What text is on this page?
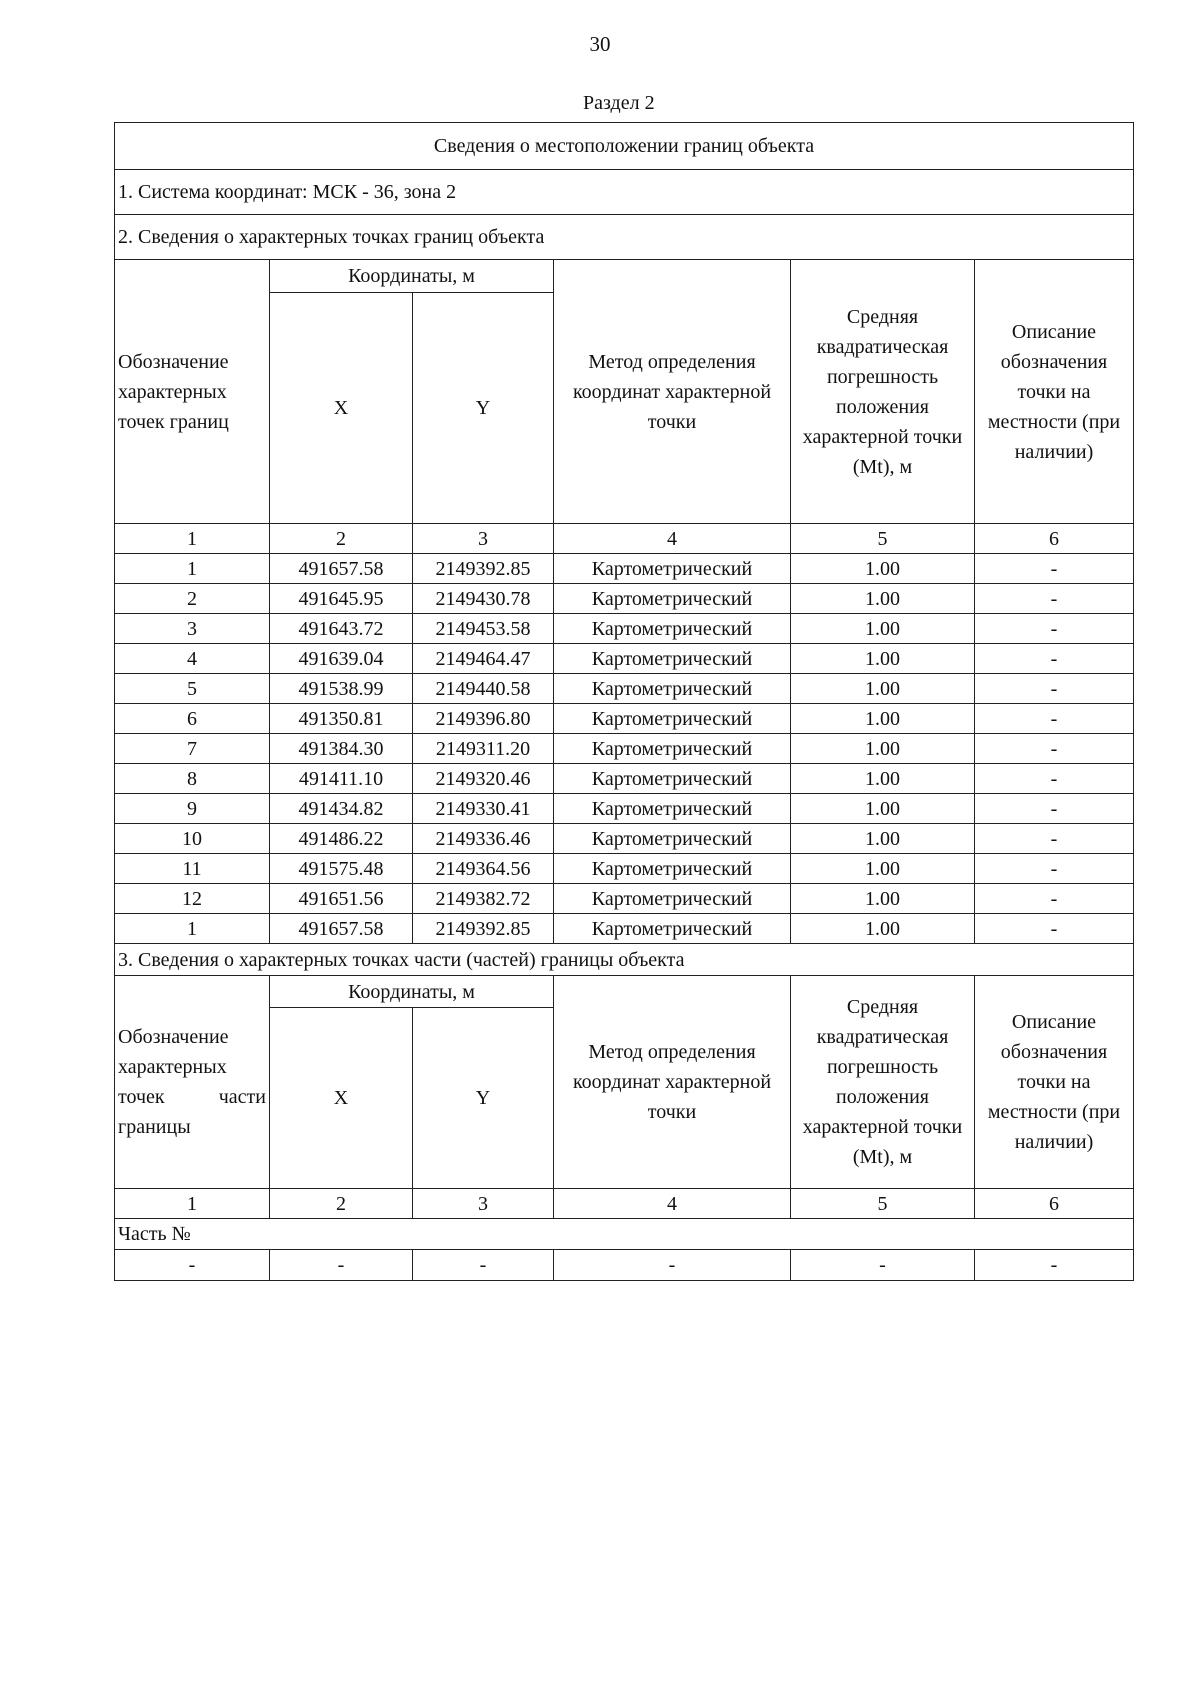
30
Раздел 2
Сведения о местоположении границ объекта					
1. Система координат: МСК - 36, зона 2					
2. Сведения о характерных точках границ объекта					
Обозначение характерных точек границ	Координаты, м		Метод определения координат характерной точки	Средняя квадратическая погрешность положения характерной точки (Mt), м	Описание обозначения точки на местности (при наличии)
	X	Y			
1	2	3	4	5	6
1	491657.58	2149392.85	Картометрический	1.00	-
2	491645.95	2149430.78	Картометрический	1.00	-
3	491643.72	2149453.58	Картометрический	1.00	-
4	491639.04	2149464.47	Картометрический	1.00	-
5	491538.99	2149440.58	Картометрический	1.00	-
6	491350.81	2149396.80	Картометрический	1.00	-
7	491384.30	2149311.20	Картометрический	1.00	-
8	491411.10	2149320.46	Картометрический	1.00	-
9	491434.82	2149330.41	Картометрический	1.00	-
10	491486.22	2149336.46	Картометрический	1.00	-
11	491575.48	2149364.56	Картометрический	1.00	-
12	491651.56	2149382.72	Картометрический	1.00	-
1	491657.58	2149392.85	Картометрический	1.00	-
3. Сведения о характерных точках части (частей) границы объекта					

Обозначение характерных
точек части
границы	Координаты, м		Метод определения координат характерной точки	Средняя квадратическая погрешность положения характерной точки (Mt), м	Описание обозначения точки на местности (при наличии)
	X	Y			
1	2	3	4	5	6
Часть №					
-	-	-	-	-	-
